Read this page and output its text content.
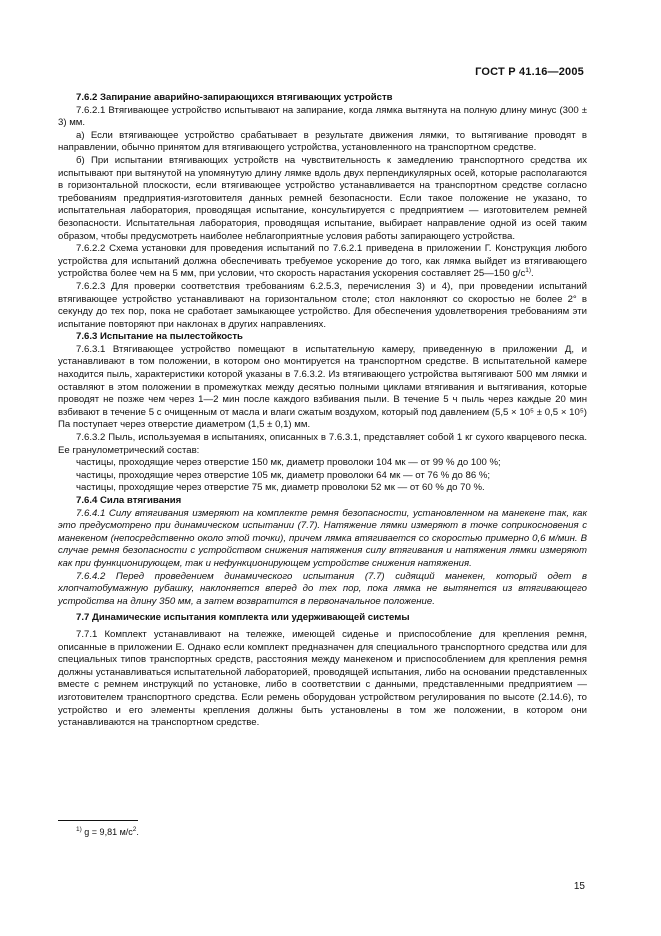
ГОСТ Р 41.16—2005

7.6.2 Запирание аварийно-запирающихся втягивающих устройств

7.6.2.1 Втягивающее устройство испытывают на запирание, когда лямка вытянута на полную длину минус (300 ± 3) мм.

а) Если втягивающее устройство срабатывает в результате движения лямки, то вытягивание проводят в направлении, обычно принятом для втягивающего устройства, установленного на транспортном средстве.

б) При испытании втягивающих устройств на чувствительность к замедлению транспортного средства их испытывают при вытянутой на упомянутую длину лямке вдоль двух перпендикулярных осей, которые располагаются в горизонтальной плоскости, если втягивающее устройство устанавливается на транспортном средстве согласно требованиям предприятия-изготовителя данных ремней безопасности. Если такое положение не указано, то испытательная лаборатория, проводящая испытание, консультируется с предприятием — изготовителем ремней безопасности. Испытательная лаборатория, проводящая испытание, выбирает направление одной из осей таким образом, чтобы предусмотреть наиболее неблагоприятные условия работы запирающего устройства.

7.6.2.2 Схема установки для проведения испытаний по 7.6.2.1 приведена в приложении Г. Конструкция любого устройства для испытаний должна обеспечивать требуемое ускорение до того, как лямка выйдет из втягивающего устройства более чем на 5 мм, при условии, что скорость нарастания ускорения составляет 25—150 $g/с^{1)}$.

7.6.2.3 Для проверки соответствия требованиям 6.2.5.3, перечисления 3) и 4), при проведении испытаний втягивающее устройство устанавливают на горизонтальном столе; стол наклоняют со скоростью не более 2° в секунду до тех пор, пока не сработает замыкающее устройство. Для обеспечения удовлетворения требованиям эти испытание повторяют при наклонах в других направлениях.

7.6.3 Испытание на пылестойкость

7.6.3.1 Втягивающее устройство помещают в испытательную камеру, приведенную в приложении Д, и устанавливают в том положении, в котором оно монтируется на транспортном средстве. В испытательной камере находится пыль, характеристики которой указаны в 7.6.3.2. Из втягивающего устройства вытягивают 500 мм лямки и оставляют в этом положении в промежутках между десятью полными циклами втягивания и вытягивания, которые проводят не позже чем через 1—2 мин после каждого взбивания пыли. В течение 5 ч пыль через каждые 20 мин взбивают в течение 5 с очищенным от масла и влаги сжатым воздухом, который под давлением (5,5 × 10⁵ ± 0,5 × 10⁵) Па поступает через отверстие диаметром (1,5 ± 0,1) мм.

7.6.3.2 Пыль, используемая в испытаниях, описанных в 7.6.3.1, представляет собой 1 кг сухого кварцевого песка. Ее гранулометрический состав:

частицы, проходящие через отверстие 150 мк, диаметр проволоки 104 мк — от 99 % до 100 %;

частицы, проходящие через отверстие 105 мк, диаметр проволоки 64 мк — от 76 % до 86 %;

частицы, проходящие через отверстие 75 мк, диаметр проволоки 52 мк — от 60 % до 70 %.

7.6.4 Сила втягивания

7.6.4.1 Силу втягивания измеряют на комплекте ремня безопасности, установленном на манекене так, как это предусмотрено при динамическом испытании (7.7). Натяжение лямки измеряют в точке соприкосновения с манекеном (непосредственно около этой точки), причем лямка втягивается со скоростью примерно 0,6 м/мин. В случае ремня безопасности с устройством снижения натяжения силу втягивания и натяжения лямки измеряют как при функционирующем, так и нефункционирующем устройстве снижения натяжения.

7.6.4.2 Перед проведением динамического испытания (7.7) сидящий манекен, который одет в хлопчатобумажную рубашку, наклоняется вперед до тех пор, пока лямка не вытянется из втягивающего устройства на длину 350 мм, а затем возвратится в первоначальное положение.

7.7 Динамические испытания комплекта или удерживающей системы

7.7.1 Комплект устанавливают на тележке, имеющей сиденье и приспособление для крепления ремня, описанные в приложении Е. Однако если комплект предназначен для специального транспортного средства или для специальных типов транспортных средств, расстояния между манекеном и приспособлением для крепления ремня должны устанавливаться испытательной лабораторией, проводящей испытания, либо на основании представленных вместе с ремнем инструкций по установке, либо в соответствии с данными, представленными предприятием — изготовителем транспортного средства. Если ремень оборудован устройством регулирования по высоте (2.14.6), то устройство и его элементы крепления должны быть установлены в том же положении, в котором они устанавливаются на транспортном средстве.

$^{1)}$ g = 9,81 $м/с^2$.
15
